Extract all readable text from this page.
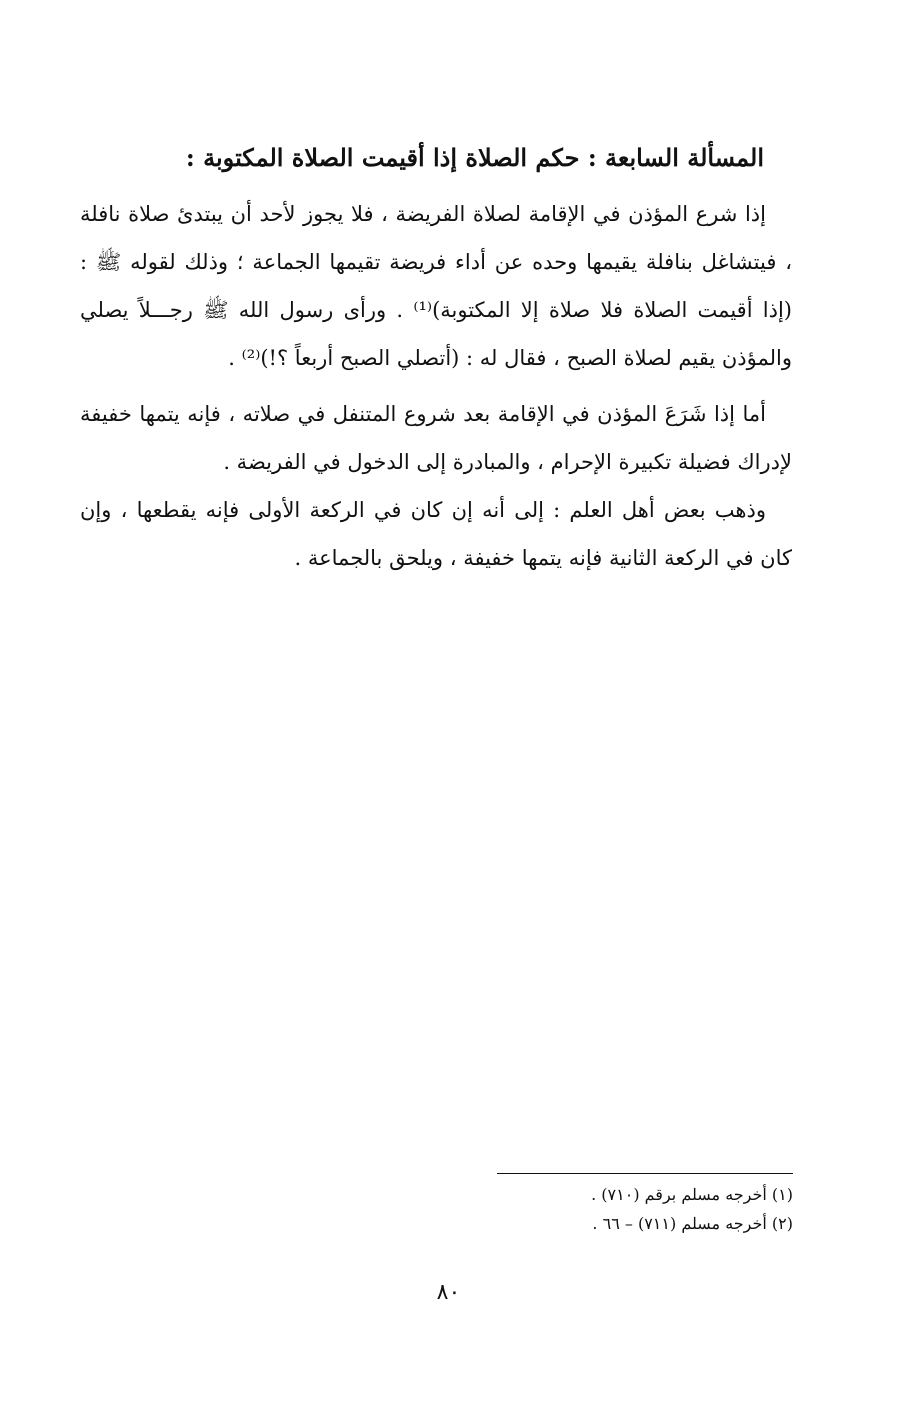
المسألة السابعة : حكم الصلاة إذا أقيمت الصلاة المكتوبة :

إذا شرع المؤذن في الإقامة لصلاة الفريضة ، فلا يجوز لأحد أن يبتدئ صلاة نافلة ، فيتشاغل بنافلة يقيمها وحده عن أداء فريضة تقيمها الجماعة ؛ وذلك لقوله ﷺ : (إذا أقيمت الصلاة فلا صلاة إلا المكتوبة)⁽¹⁾ . ورأى رسول الله ﷺ رجـــلاً يصلي والمؤذن يقيم لصلاة الصبح ، فقال له : (أتصلي الصبح أربعاً ؟!)⁽²⁾ .

أما إذا شَرَعَ المؤذن في الإقامة بعد شروع المتنفل في صلاته ، فإنه يتمها خفيفة لإدراك فضيلة تكبيرة الإحرام ، والمبادرة إلى الدخول في الفريضة .

وذهب بعض أهل العلم : إلى أنه إن كان في الركعة الأولى فإنه يقطعها ، وإن كان في الركعة الثانية فإنه يتمها خفيفة ، ويلحق بالجماعة .

(١) أخرجه مسلم برقم (٧١٠) .
(٢) أخرجه مسلم (٧١١) – ٦٦ .
٨٠
